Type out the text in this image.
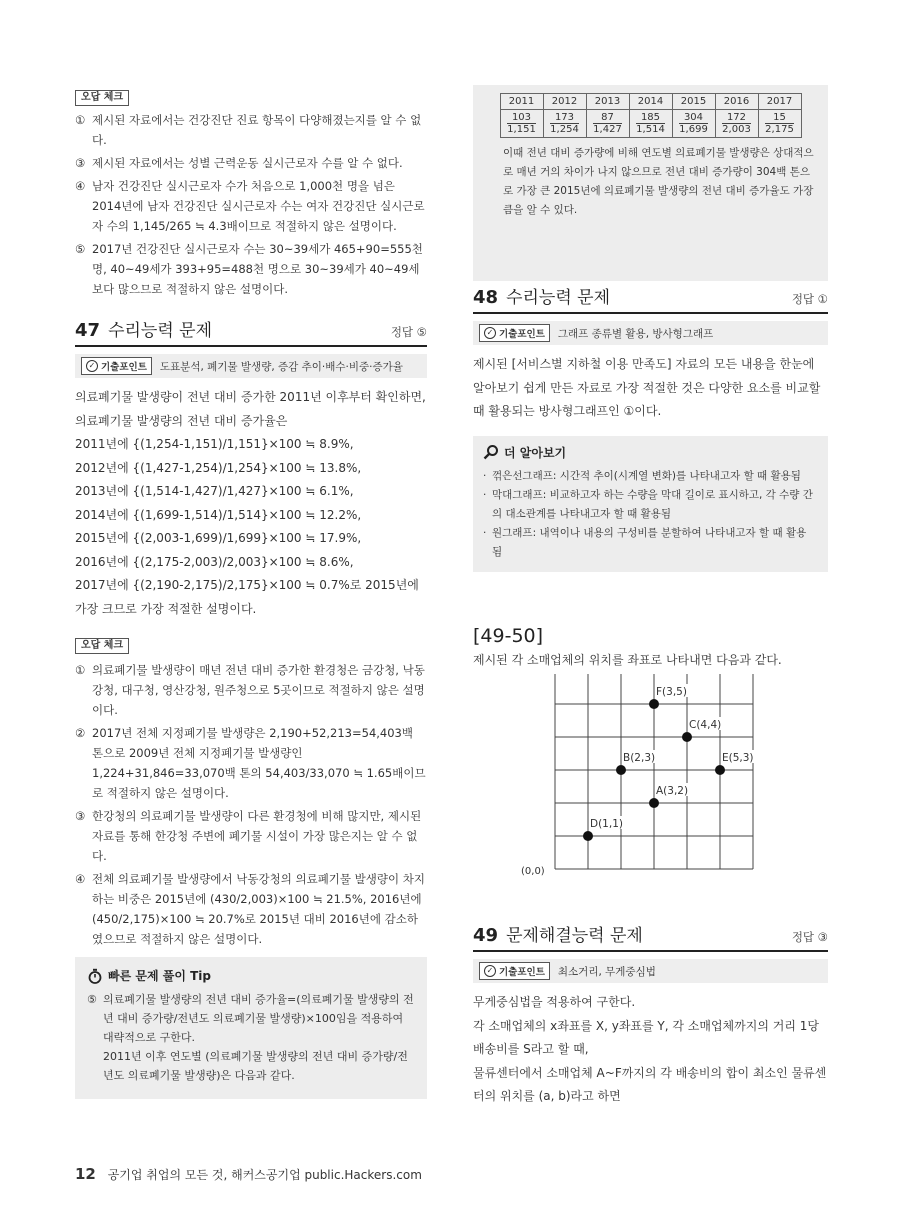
오답 체크
① 제시된 자료에서는 건강진단 진료 항목이 다양해졌는지를 알 수 없다.
③ 제시된 자료에서는 성별 근력운동 실시근로자 수를 알 수 없다.
④ 남자 건강진단 실시근로자 수가 처음으로 1,000천 명을 넘은 2014년에 남자 건강진단 실시근로자 수는 여자 건강진단 실시근로자 수의 1,145/265 ≒ 4.3배이므로 적절하지 않은 설명이다.
⑤ 2017년 건강진단 실시근로자 수는 30~39세가 465+90=555천 명, 40~49세가 393+95=488천 명으로 30~39세가 40~49세보다 많으므로 적절하지 않은 설명이다.
47 수리능력 문제	정답 ⑤
✓ 기출포인트 도표분석, 폐기물 발생량, 증감 추이·배수·비중·증가율

의료폐기물 발생량이 전년 대비 증가한 2011년 이후부터 확인하면,

의료폐기물 발생량의 전년 대비 증가율은

2011년에 {(1,254-1,151)/1,151}×100 ≒ 8.9%,

2012년에 {(1,427-1,254)/1,254}×100 ≒ 13.8%,

2013년에 {(1,514-1,427)/1,427}×100 ≒ 6.1%,

2014년에 {(1,699-1,514)/1,514}×100 ≒ 12.2%,

2015년에 {(2,003-1,699)/1,699}×100 ≒ 17.9%,

2016년에 {(2,175-2,003)/2,003}×100 ≒ 8.6%,

2017년에 {(2,190-2,175)/2,175}×100 ≒ 0.7%로 2015년에

가장 크므로 가장 적절한 설명이다.

오답 체크
① 의료폐기물 발생량이 매년 전년 대비 증가한 환경청은 금강청, 낙동강청, 대구청, 영산강청, 원주청으로 5곳이므로 적절하지 않은 설명이다.
② 2017년 전체 지정폐기물 발생량은 2,190+52,213=54,403백 톤으로 2009년 전체 지정폐기물 발생량인 1,224+31,846=33,070백 톤의 54,403/33,070 ≒ 1.65배이므로 적절하지 않은 설명이다.
③ 한강청의 의료폐기물 발생량이 다른 환경청에 비해 많지만, 제시된 자료를 통해 한강청 주변에 폐기물 시설이 가장 많은지는 알 수 없다.
④ 전체 의료폐기물 발생량에서 낙동강청의 의료폐기물 발생량이 차지하는 비중은 2015년에 (430/2,003)×100 ≒ 21.5%, 2016년에 (450/2,175)×100 ≒ 20.7%로 2015년 대비 2016년에 감소하였으므로 적절하지 않은 설명이다.
빠른 문제 풀이 Tip
⑤ 의료폐기물 발생량의 전년 대비 증가율=(의료폐기물 발생량의 전년 대비 증가량/전년도 의료폐기물 발생량)×100임을 적용하여 대략적으로 구한다.
2011년 이후 연도별 (의료폐기물 발생량의 전년 대비 증가량/전년도 의료폐기물 발생량)은 다음과 같다.
2011	2012	2013	2014	2015	2016	2017

$\frac{103}{1,151}$	$\frac{173}{1,254}$	$\frac{87}{1,427}$	$\frac{185}{1,514}$	$\frac{304}{1,699}$	$\frac{172}{2,003}$	$\frac{15}{2,175}$
이때 전년 대비 증가량에 비해 연도별 의료폐기물 발생량은 상대적으로 매년 거의 차이가 나지 않으므로 전년 대비 증가량이 304백 톤으로 가장 큰 2015년에 의료폐기물 발생량의 전년 대비 증가율도 가장 큼을 알 수 있다.
48 수리능력 문제	정답 ①
✓ 기출포인트 그래프 종류별 활용, 방사형그래프
제시된 [서비스별 지하철 이용 만족도] 자료의 모든 내용을 한눈에 알아보기 쉽게 만든 자료로 가장 적절한 것은 다양한 요소를 비교할 때 활용되는 방사형그래프인 ①이다.
더 알아보기
· 꺾은선그래프: 시간적 추이(시계열 변화)를 나타내고자 할 때 활용됨
· 막대그래프: 비교하고자 하는 수량을 막대 길이로 표시하고, 각 수량 간의 대소관계를 나타내고자 할 때 활용됨
· 원그래프: 내역이나 내용의 구성비를 분할하여 나타내고자 할 때 활용됨
[49-50]
제시된 각 소매업체의 위치를 좌표로 나타내면 다음과 같다.
(0,0)
F(3,5)
C(4,4)
B(2,3)	E(5,3)
A(3,2)
D(1,1)
49 문제해결능력 문제	정답 ③
✓ 기출포인트 최소거리, 무게중심법

무게중심법을 적용하여 구한다.

각 소매업체의 x좌표를 X, y좌표를 Y, 각 소매업체까지의 거리 1당 배송비를 S라고 할 때,

물류센터에서 소매업체 A~F까지의 각 배송비의 합이 최소인 물류센터의 위치를 (a, b)라고 하면

12 공기업 취업의 모든 것, 해커스공기업 public.Hackers.com
